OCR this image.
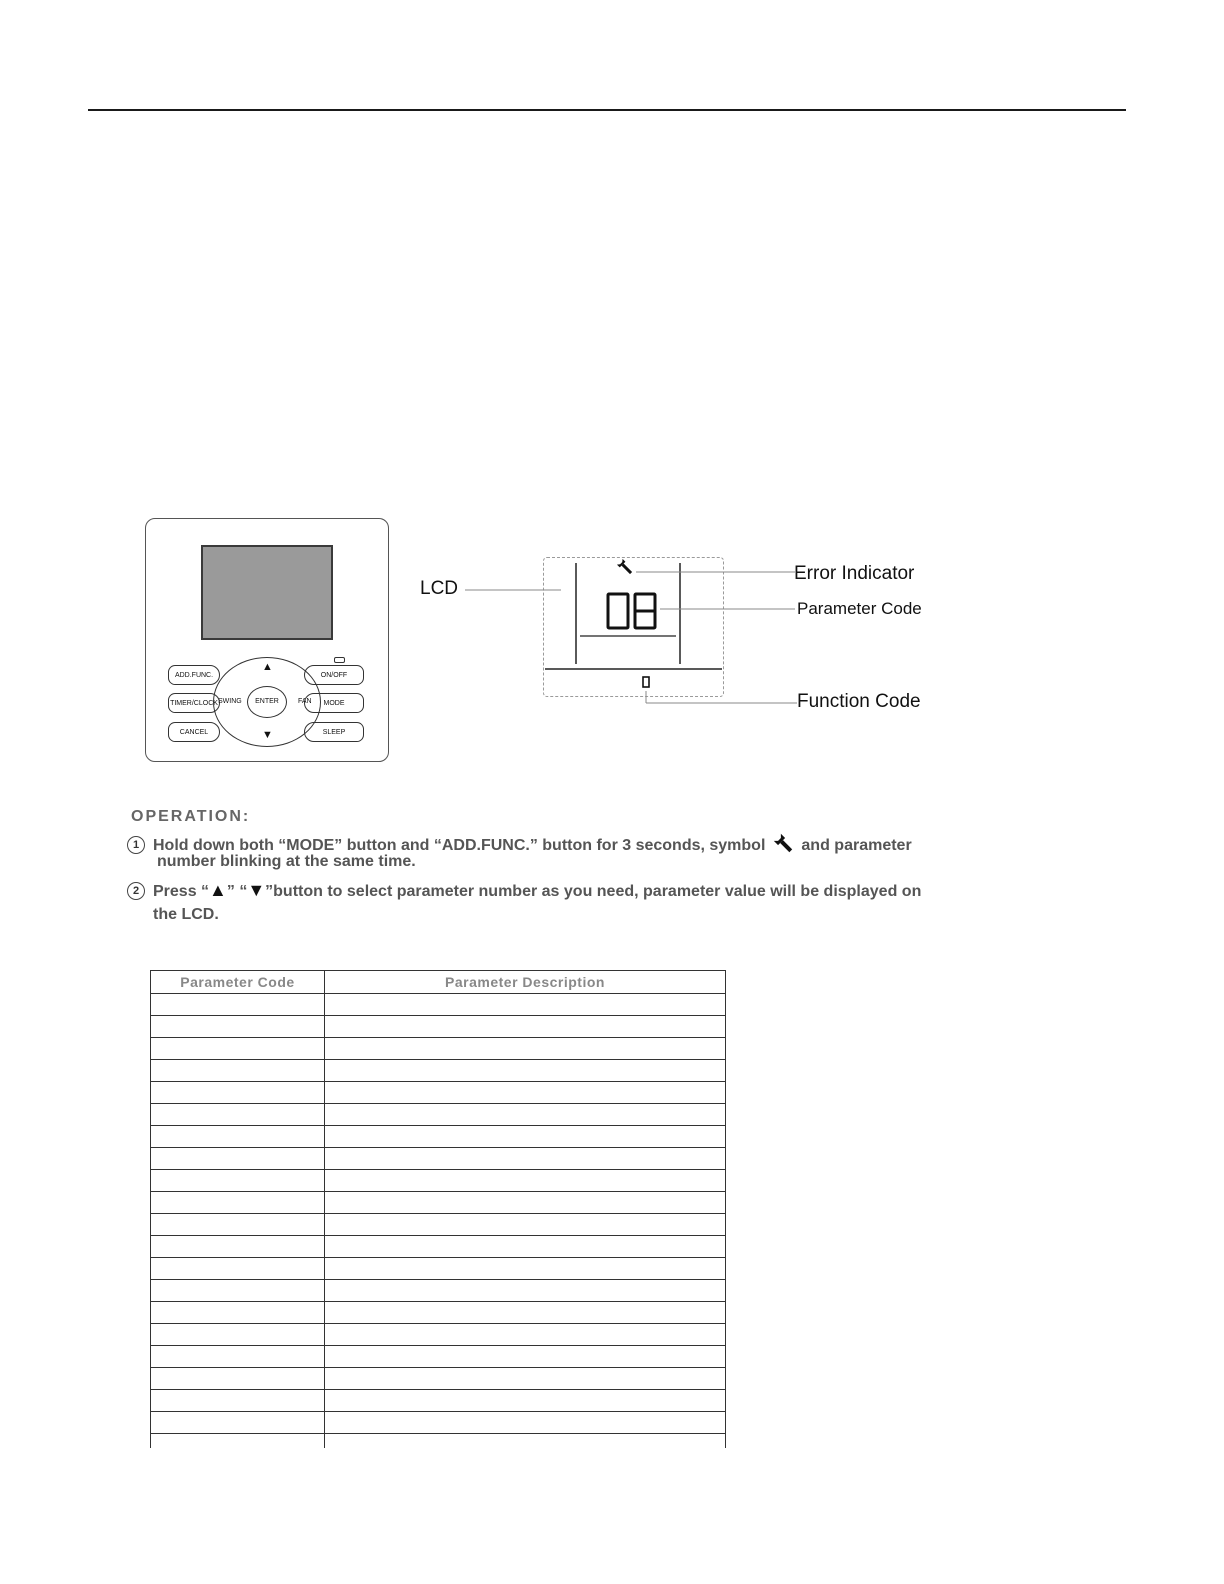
ADD.FUNC.
TIMER/CLOCK
CANCEL
ON/OFF
MODE
SLEEP
▲
▼
SWING	FAN
ENTER
LCD
Error Indicator
Parameter Code
Function Code
OPERATION:
1 Hold down both “MODE” button and “ADD.FUNC.” button for 3 seconds, symbol and parameter
number blinking at the same time.
2 Press “▲” “▼”button to select parameter number as you need, parameter value will be displayed on
the LCD.
Parameter Code	Parameter Description
